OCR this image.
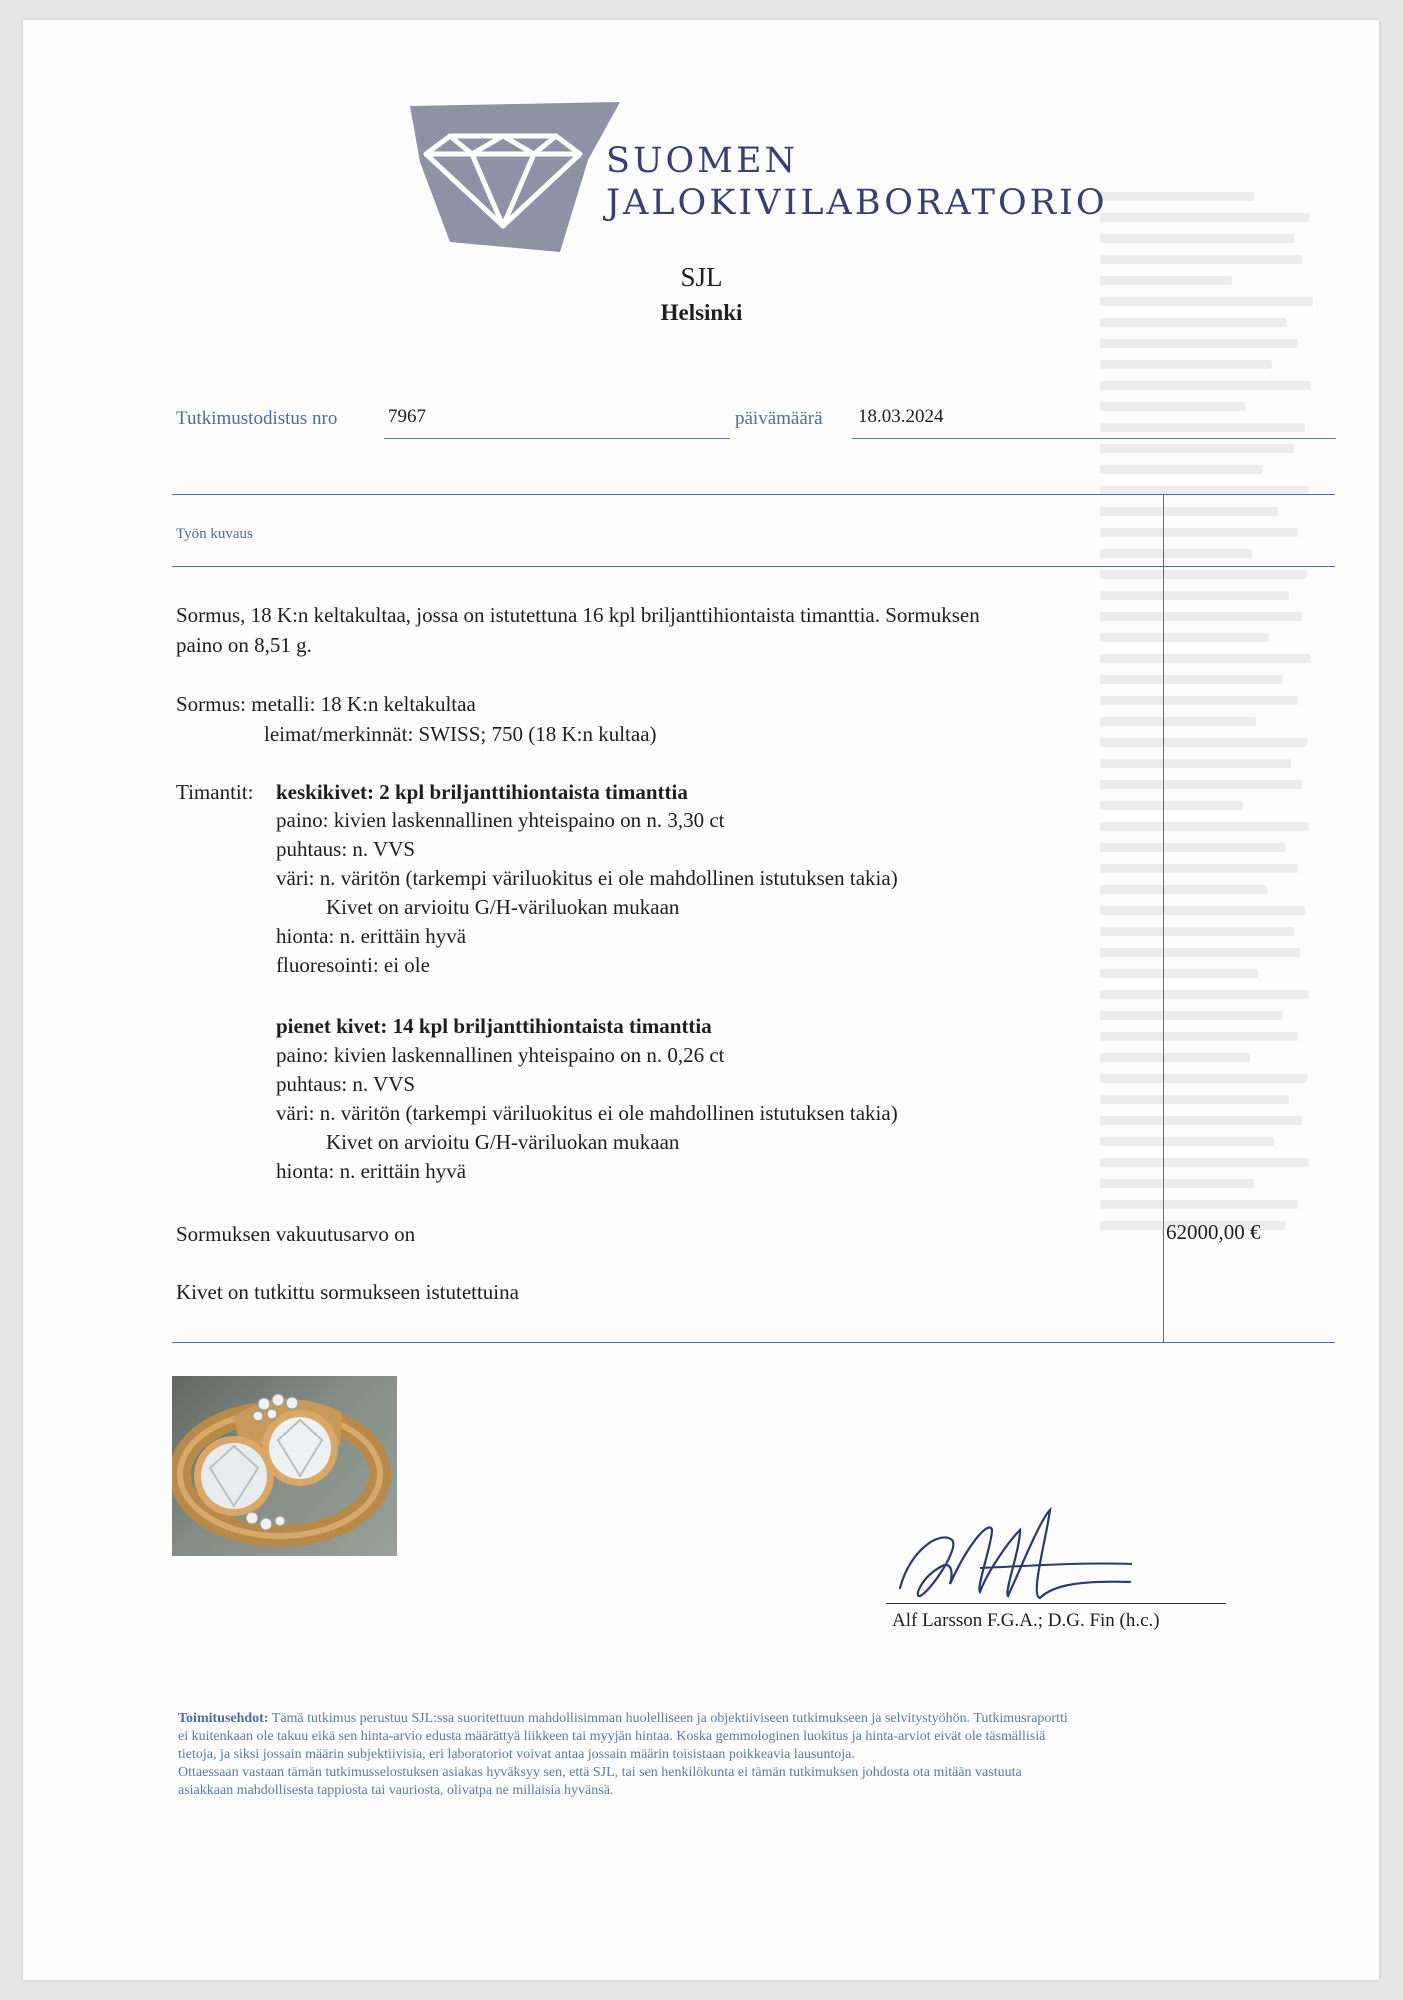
SUOMEN
JALOKIVILABORATORIO
SJL
Helsinki
Tutkimustodistus nro	7967	päivämäärä 18.03.2024
Työn kuvaus
Sormus, 18 K:n keltakultaa, jossa on istutettuna 16 kpl briljanttihiontaista timanttia. Sormuksen
paino on 8,51 g.
Sormus: metalli: 18 K:n keltakultaa
leimat/merkinnät: SWISS; 750 (18 K:n kultaa)
Timantit: keskikivet: 2 kpl briljanttihiontaista timanttia
paino: kivien laskennallinen yhteispaino on n. 3,30 ct
puhtaus: n. VVS
väri: n. väritön (tarkempi väriluokitus ei ole mahdollinen istutuksen takia)
Kivet on arvioitu G/H-väriluokan mukaan
hionta: n. erittäin hyvä
fluoresointi: ei ole
pienet kivet: 14 kpl briljanttihiontaista timanttia
paino: kivien laskennallinen yhteispaino on n. 0,26 ct
puhtaus: n. VVS
väri: n. väritön (tarkempi väriluokitus ei ole mahdollinen istutuksen takia)
Kivet on arvioitu G/H-väriluokan mukaan
hionta: n. erittäin hyvä
Sormuksen vakuutusarvo on	62000,00 €
Kivet on tutkittu sormukseen istutettuina
Alf Larsson F.G.A.; D.G. Fin (h.c.)
Toimitusehdot: Tämä tutkimus perustuu SJL:ssa suoritettuun mahdollisimman huolelliseen ja objektiiviseen tutkimukseen ja selvitystyöhön. Tutkimusraportti
ei kuitenkaan ole takuu eikä sen hinta-arvio edusta määrättyä liikkeen tai myyjän hintaa. Koska gemmologinen luokitus ja hinta-arviot eivät ole täsmällisiä
tietoja, ja siksi jossain määrin subjektiivisia, eri laboratoriot voivat antaa jossain määrin toisistaan poikkeavia lausuntoja.
Ottaessaan vastaan tämän tutkimusselostuksen asiakas hyväksyy sen, että SJL, tai sen henkilökunta ei tämän tutkimuksen johdosta ota mitään vastuuta
asiakkaan mahdollisesta tappiosta tai vauriosta, olivatpa ne millaisia hyvänsä.
